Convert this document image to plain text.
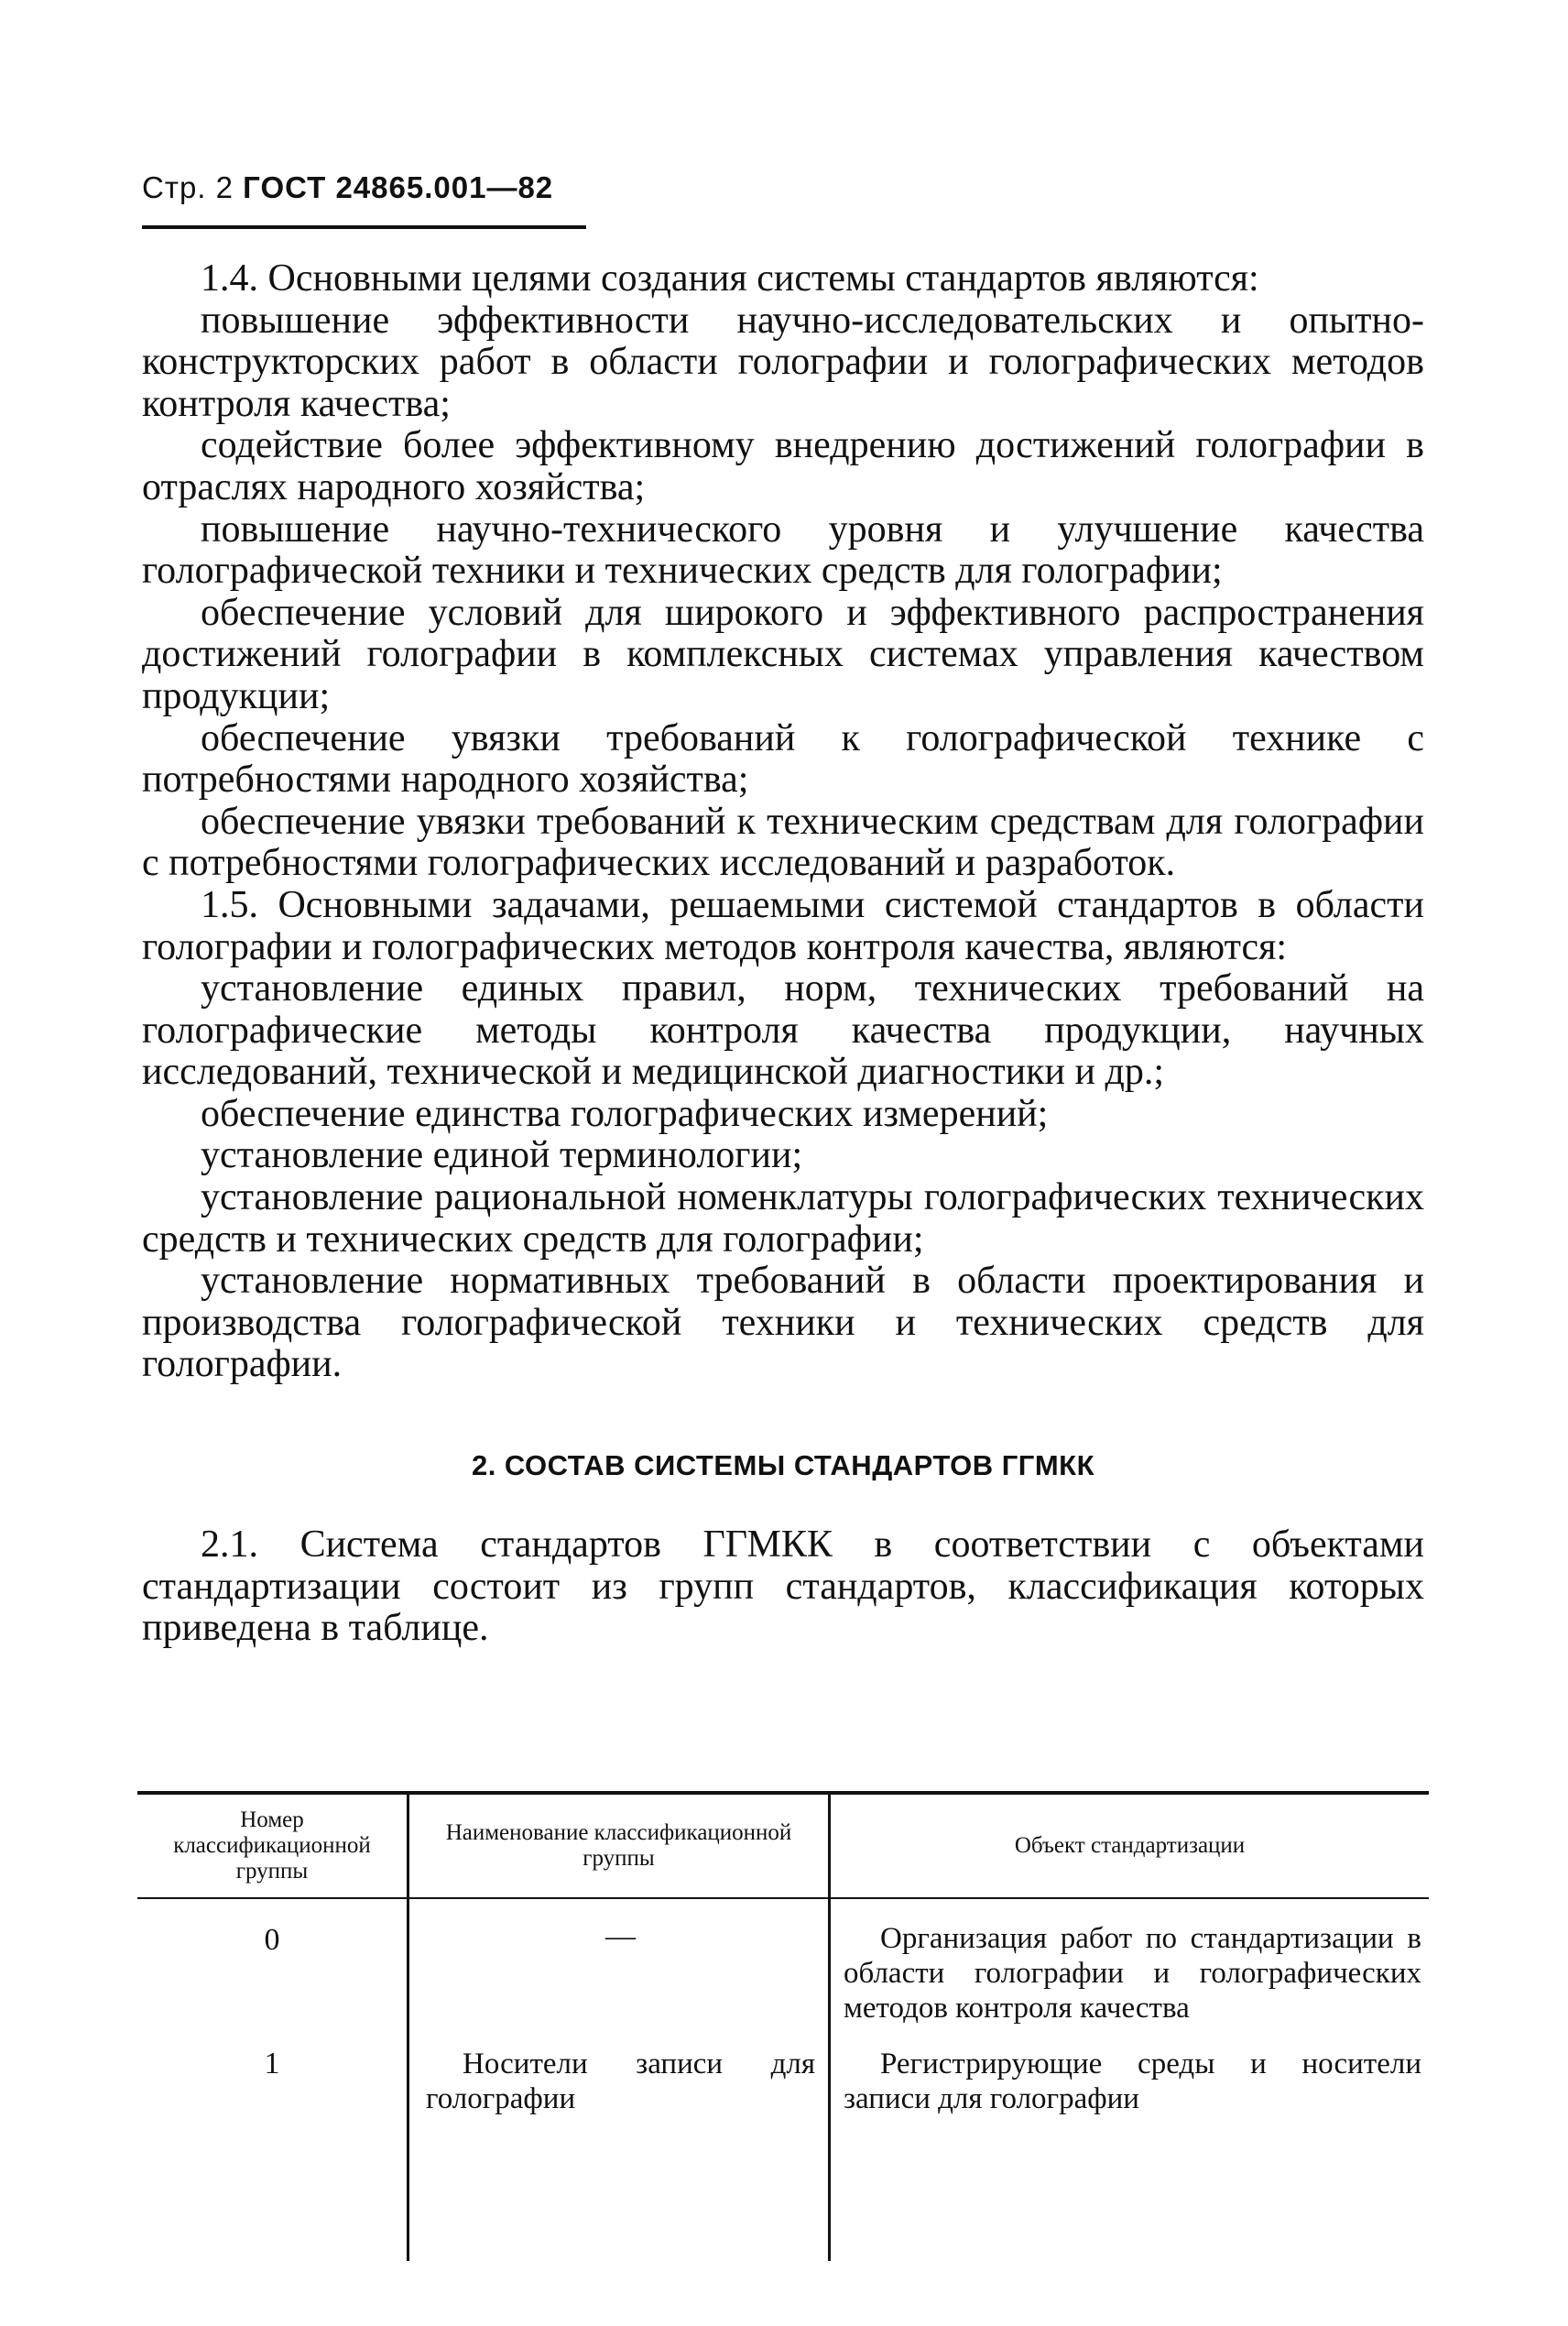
Стр. 2 ГОСТ 24865.001—82

1.4. Основными целями создания системы стандартов являются:

повышение эффективности научно-исследовательских и опытно-конструкторских работ в области голографии и голографических методов контроля качества;

содействие более эффективному внедрению достижений голографии в отраслях народного хозяйства;

повышение научно-технического уровня и улучшение качества голографической техники и технических средств для голографии;

обеспечение условий для широкого и эффективного распространения достижений голографии в комплексных системах управления качеством продукции;

обеспечение увязки требований к голографической технике с потребностями народного хозяйства;

обеспечение увязки требований к техническим средствам для голографии с потребностями голографических исследований и разработок.

1.5. Основными задачами, решаемыми системой стандартов в области голографии и голографических методов контроля качества, являются:

установление единых правил, норм, технических требований на голографические методы контроля качества продукции, научных исследований, технической и медицинской диагностики и др.;

обеспечение единства голографических измерений;

установление единой терминологии;

установление рациональной номенклатуры голографических технических средств и технических средств для голографии;

установление нормативных требований в области проектирования и производства голографической техники и технических средств для голографии.

2. СОСТАВ СИСТЕМЫ СТАНДАРТОВ ГГМКК

2.1. Система стандартов ГГМКК в соответствии с объектами стандартизации состоит из групп стандартов, классификация которых приведена в таблице.

Номер классификационной группы
Наименование классификационной группы
Объект стандартизации
0
1
—
Носители записи для голографии
Организация работ по стандартизации в области голографии и голографических методов контроля качества
Регистрирующие среды и носители записи для голографии
